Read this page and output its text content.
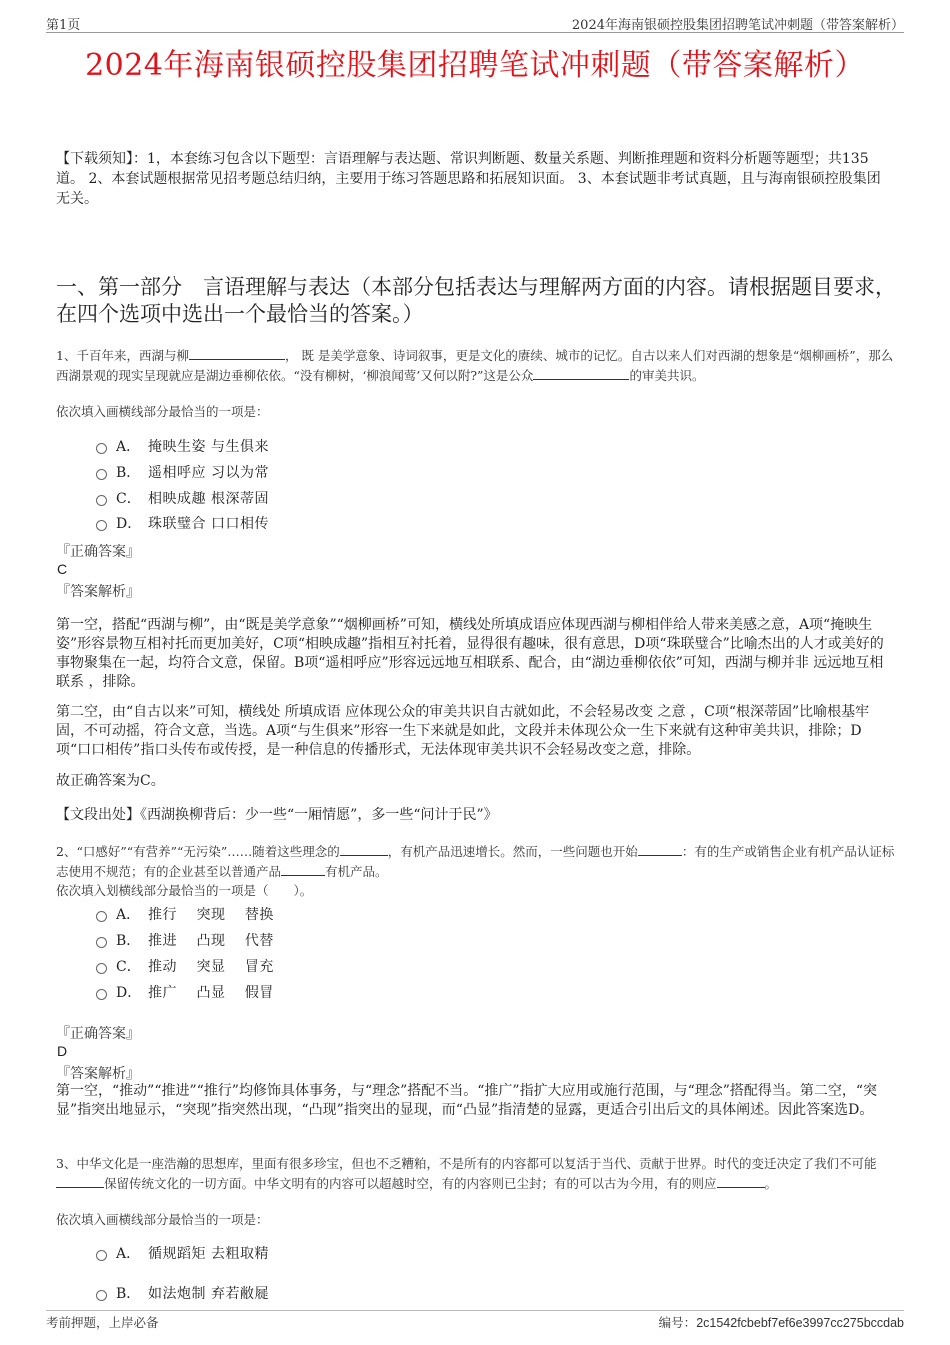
第1页	2024年海南银硕控股集团招聘笔试冲刺题（带答案解析）
2024年海南银硕控股集团招聘笔试冲刺题（带答案解析）
【下载须知】：1，本套练习包含以下题型：言语理解与表达题、常识判断题、数量关系题、判断推理题和资料分析题等题型；共135道。 2、本套试题根据常见招考题总结归纳，主要用于练习答题思路和拓展知识面。 3、本套试题非考试真题，且与海南银硕控股集团无关。
一、第一部分　言语理解与表达（本部分包括表达与理解两方面的内容。请根据题目要求，在四个选项中选出一个最恰当的答案。）
1、千百年来，西湖与柳	， 既 是美学意象、诗词叙事，更是文化的赓续、城市的记忆。自古以来人们对西湖的想象是“烟柳画桥”，那么西湖景观的现实呈现就应是湖边垂柳依依。“没有柳树，‘柳浪闻莺’又何以附?”这是公众	的审美共识。
依次填入画横线部分最恰当的一项是：
A． 掩映生姿 与生俱来
B． 遥相呼应 习以为常
C． 相映成趣 根深蒂固
D． 珠联璧合 口口相传
『正确答案』
C
『答案解析』
第一空，搭配“西湖与柳”，由“既是美学意象”“烟柳画桥”可知，横线处所填成语应体现西湖与柳相伴给人带来美感之意，A项“掩映生姿”形容景物互相衬托而更加美好，C项“相映成趣”指相互衬托着，显得很有趣味，很有意思，D项“珠联璧合”比喻杰出的人才或美好的事物聚集在一起，均符合文意，保留。B项“遥相呼应”形容远远地互相联系、配合，由“湖边垂柳依依”可知，西湖与柳并非 远远地互相联系 ，排除。
第二空，由“自古以来”可知，横线处 所填成语 应体现公众的审美共识自古就如此，不会轻易改变 之意 ，C项“根深蒂固”比喻根基牢固，不可动摇，符合文意，当选。A项“与生俱来”形容一生下来就是如此，文段并未体现公众一生下来就有这种审美共识，排除；D项“口口相传”指口头传布或传授，是一种信息的传播形式，无法体现审美共识不会轻易改变之意，排除。
故正确答案为C。
【文段出处】《西湖换柳背后：少一些“一厢情愿”，多一些“问计于民”》
2、“口感好”“有营养”“无污染”……随着这些理念的	，有机产品迅速增长。然而，一些问题也开始	：有的生产或销售企业有机产品认证标志使用不规范；有的企业甚至以普通产品	有机产品。
依次填入划横线部分最恰当的一项是（　　）。
A． 推行　 突现　 替换
B． 推进　 凸现　 代替
C． 推动　 突显　 冒充
D． 推广　 凸显　 假冒
『正确答案』
D
『答案解析』
第一空，“推动”“推进”“推行”均修饰具体事务，与“理念”搭配不当。“推广”指扩大应用或施行范围，与“理念”搭配得当。第二空，“突显”指突出地显示，“突现”指突然出现，“凸现”指突出的显现，而“凸显”指清楚的显露，更适合引出后文的具体阐述。因此答案选D。
3、中华文化是一座浩瀚的思想库，里面有很多珍宝，但也不乏糟粕，不是所有的内容都可以复活于当代、贡献于世界。时代的变迁决定了我们不可能保留传统文化的一切方面。中华文明有的内容可以超越时空，有的内容则已尘封；有的可以古为今用，有的则应	。
依次填入画横线部分最恰当的一项是：
A． 循规蹈矩 去粗取精
B． 如法炮制 弃若敝屣
考前押题，上岸必备	编号：2c1542fcbebf7ef6e3997cc275bccdab
